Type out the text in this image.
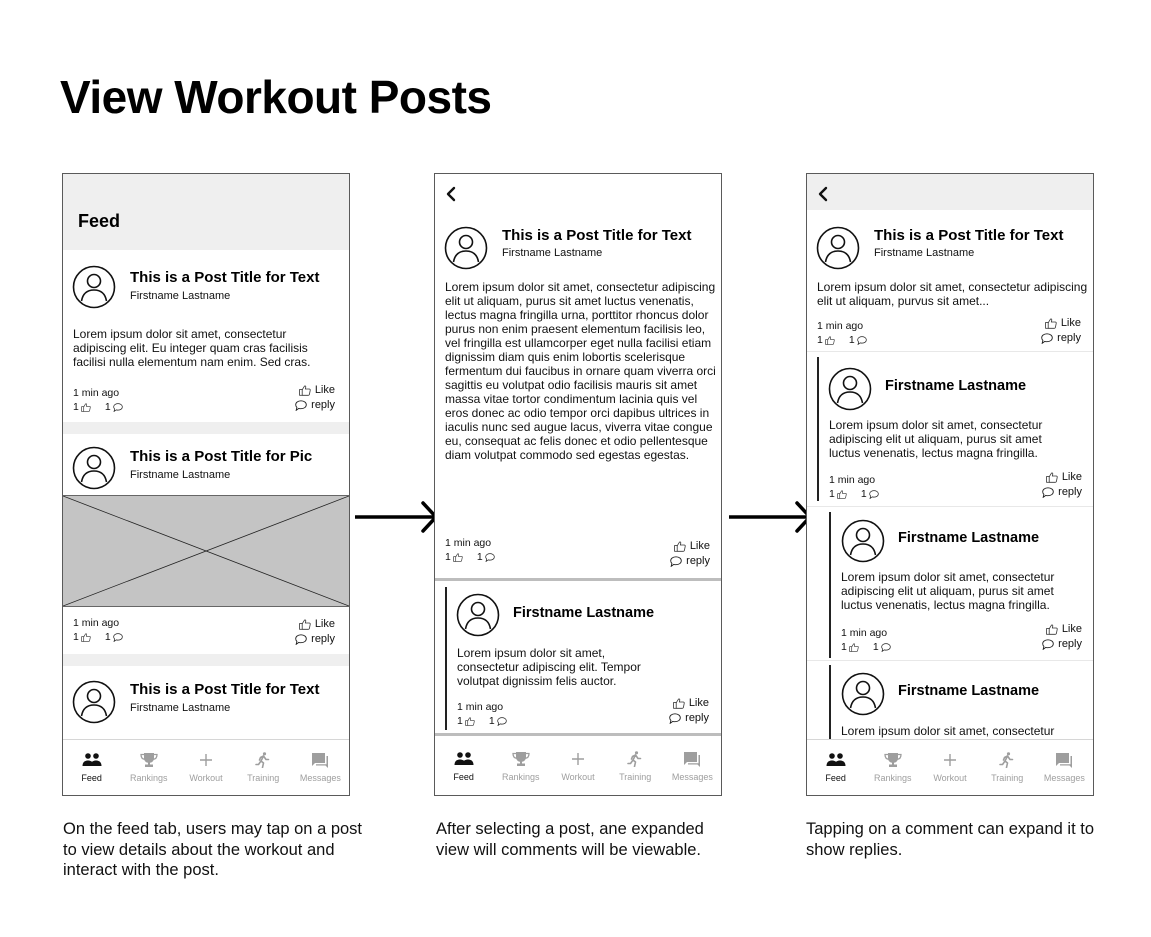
View Workout Posts
Feed
This is a Post Title for Text
Firstname Lastname
Lorem ipsum dolor sit amet, consectetur adipiscing elit. Eu integer quam cras facilisis facilisi nulla elementum nam enim. Sed cras.
1 min ago
1 1
Like
reply
This is a Post Title for Pic
Firstname Lastname
1 min ago
1 1
Like
reply
This is a Post Title for Text
Firstname Lastname
Feed	Rankings Workout	Training Messages
This is a Post Title for Text
Firstname Lastname
Lorem ipsum dolor sit amet, consectetur adipiscing elit ut aliquam, purus sit amet luctus venenatis, lectus magna fringilla urna, porttitor rhoncus dolor purus non enim praesent elementum facilisis leo, vel fringilla est ullamcorper eget nulla facilisi etiam dignissim diam quis enim lobortis scelerisque fermentum dui faucibus in ornare quam viverra orci sagittis eu volutpat odio facilisis mauris sit amet massa vitae tortor condimentum lacinia quis vel eros donec ac odio tempor orci dapibus ultrices in iaculis nunc sed augue lacus, viverra vitae congue eu, consequat ac felis donec et odio pellentesque diam volutpat commodo sed egestas egestas.
1 min ago
1 1
Like
reply
Firstname Lastname
Lorem ipsum dolor sit amet, consectetur adipiscing elit. Tempor volutpat dignissim felis auctor.
1 min ago
1 1
Like
reply
Feed	Rankings Workout	Training Messages
This is a Post Title for Text
Firstname Lastname
Lorem ipsum dolor sit amet, consectetur adipiscing elit ut aliquam, purvus sit amet...
1 min ago
1 1
Like
reply
Firstname Lastname
Lorem ipsum dolor sit amet, consectetur adipiscing elit ut aliquam, purus sit amet luctus venenatis, lectus magna fringilla.
1 min ago
1 1
Like
reply
Firstname Lastname
Lorem ipsum dolor sit amet, consectetur adipiscing elit ut aliquam, purus sit amet luctus venenatis, lectus magna fringilla.
1 min ago
1 1
Like
reply
Firstname Lastname
Lorem ipsum dolor sit amet, consectetur
Feed	Rankings Workout	Training Messages
On the feed tab, users may tap on a post to view details about the workout and interact with the post.
After selecting a post, ane expanded view will comments will be viewable.
Tapping on a comment can expand it to show replies.
